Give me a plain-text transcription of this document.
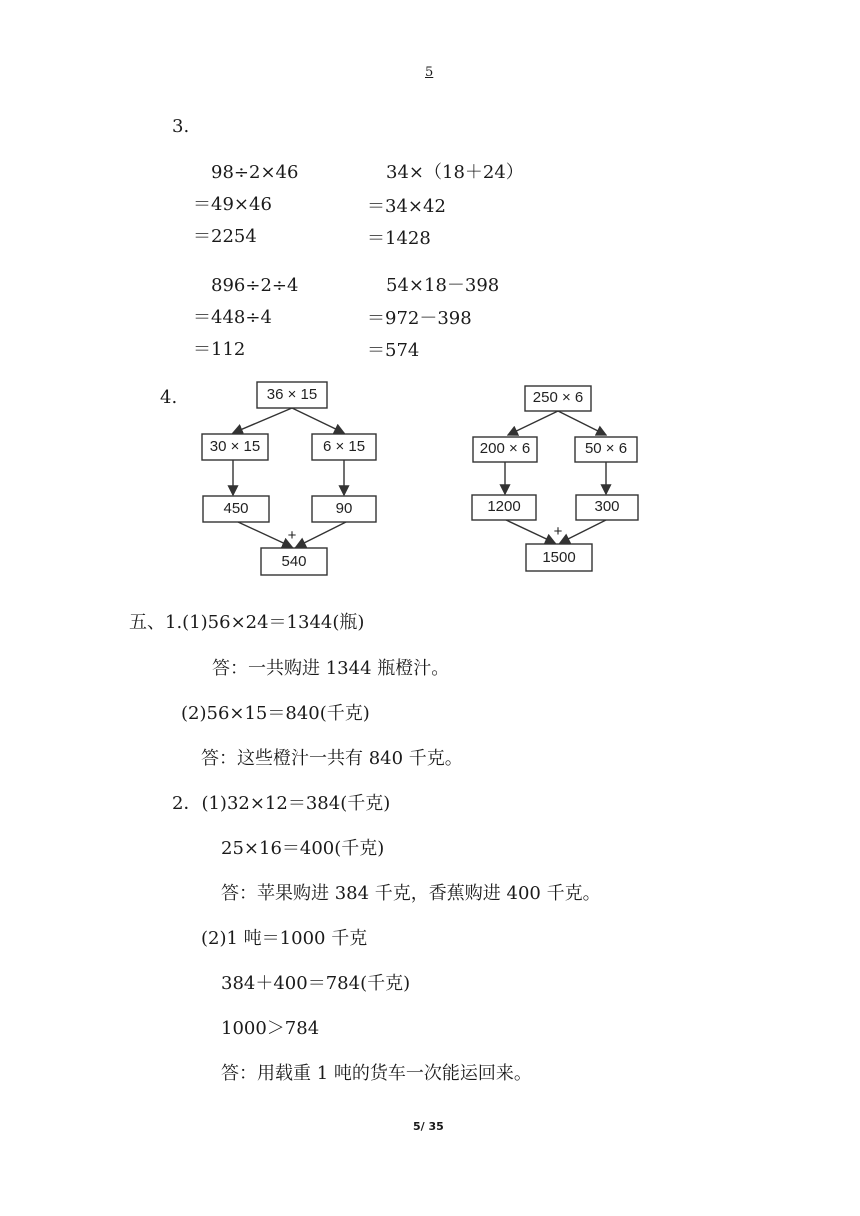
5
3.
98÷2×46
＝49×46
＝2254
34×（18＋24）
＝34×42
＝1428
896÷2÷4
＝448÷4
＝112
54×18－398
＝972－398
＝574
4.	36 × 15
30 × 15	6 × 15
450	90
+
540
250 × 6
200 × 6	50 × 6
1200	300
+
1500
五、1.(1)56×24＝1344(瓶)
答：一共购进 1344 瓶橙汁。
(2)56×15＝840(千克)
答：这些橙汁一共有 840 千克。
2．(1)32×12＝384(千克)
25×16＝400(千克)
答：苹果购进 384 千克，香蕉购进 400 千克。
(2)1 吨＝1000 千克
384＋400＝784(千克)
1000＞784
答：用载重 1 吨的货车一次能运回来。
5/ 35
